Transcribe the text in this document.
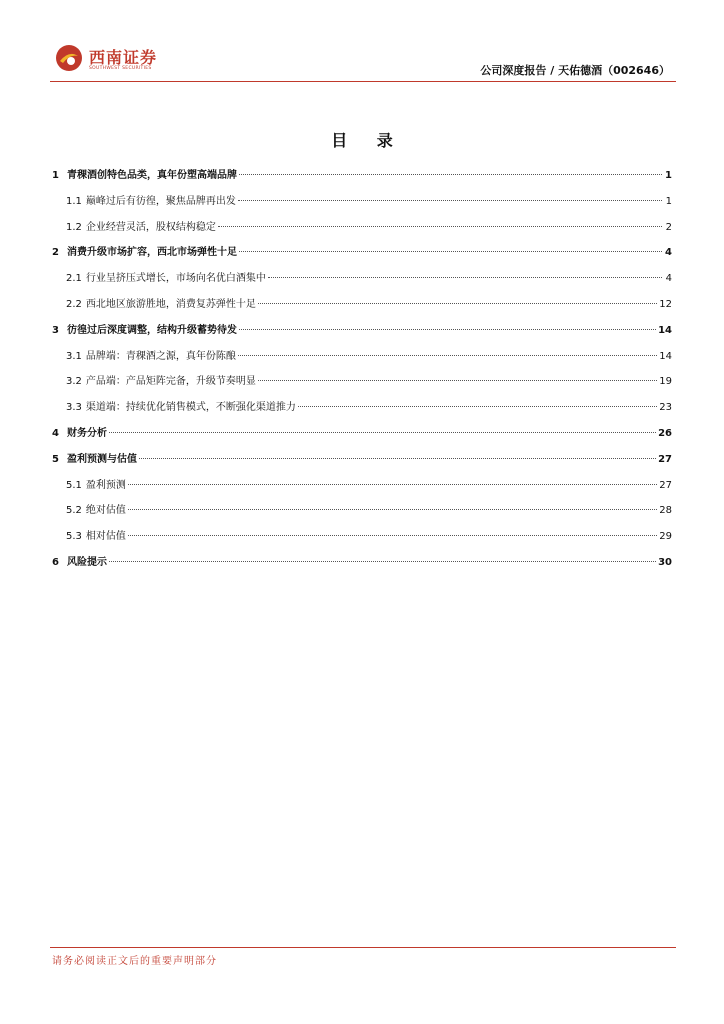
西南证券
SOUTHWEST SECURITIES	公司深度报告 / 天佑德酒（002646）
目 录
1 青稞酒创特色品类，真年份塑高端品牌	1
1.1 巅峰过后有彷徨，聚焦品牌再出发	1
1.2 企业经营灵活，股权结构稳定	2
2 消费升级市场扩容，西北市场弹性十足	4
2.1 行业呈挤压式增长，市场向名优白酒集中	4
2.2 西北地区旅游胜地，消费复苏弹性十足	12
3 彷徨过后深度调整，结构升级蓄势待发	14
3.1 品牌端：青稞酒之源，真年份陈酿	14
3.2 产品端：产品矩阵完备，升级节奏明显	19
3.3 渠道端：持续优化销售模式，不断强化渠道推力	23
4 财务分析	26
5 盈利预测与估值	27
5.1 盈利预测	27
5.2 绝对估值	28
5.3 相对估值	29
6 风险提示	30
请务必阅读正文后的重要声明部分
